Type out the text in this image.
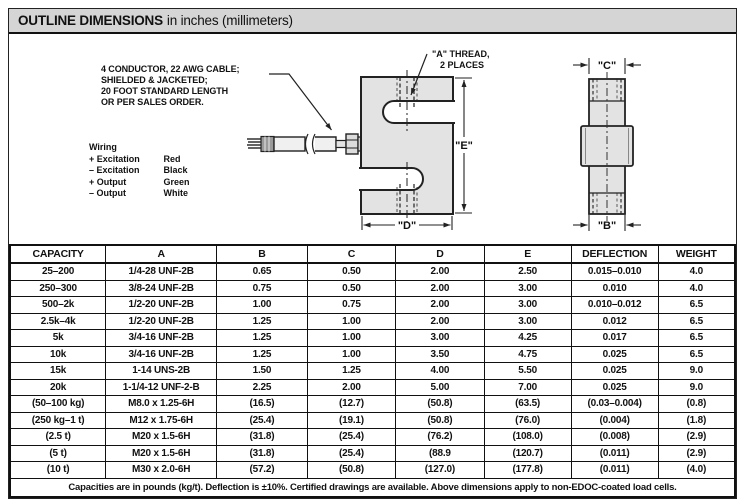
OUTLINE DIMENSIONS in inches (millimeters)
"E"
"D"
"C"
"B"
"A" THREAD,
2 PLACES
4 CONDUCTOR, 22 AWG CABLE;
SHIELDED & JACKETED;
20 FOOT STANDARD LENGTH
OR PER SALES ORDER.
Wiring
+ Excitation	Red
– Excitation	Black
+ Output	Green
– Output	White
CAPACITY	A	B	C	D	E	DEFLECTION	WEIGHT
25–200	1/4-28 UNF-2B	0.65	0.50	2.00	2.50	0.015–0.010	4.0
250–300	3/8-24 UNF-2B	0.75	0.50	2.00	3.00	0.010	4.0
500–2k	1/2-20 UNF-2B	1.00	0.75	2.00	3.00	0.010–0.012	6.5
2.5k–4k	1/2-20 UNF-2B	1.25	1.00	2.00	3.00	0.012	6.5
5k	3/4-16 UNF-2B	1.25	1.00	3.00	4.25	0.017	6.5
10k	3/4-16 UNF-2B	1.25	1.00	3.50	4.75	0.025	6.5
15k	1-14 UNS-2B	1.50	1.25	4.00	5.50	0.025	9.0
20k	1-1/4-12 UNF-2-B	2.25	2.00	5.00	7.00	0.025	9.0
(50–100 kg)	M8.0 x 1.25-6H	(16.5)	(12.7)	(50.8)	(63.5)	(0.03–0.004)	(0.8)
(250 kg–1 t)	M12 x 1.75-6H	(25.4)	(19.1)	(50.8)	(76.0)	(0.004)	(1.8)
(2.5 t)	M20 x 1.5-6H	(31.8)	(25.4)	(76.2)	(108.0)	(0.008)	(2.9)
(5 t)	M20 x 1.5-6H	(31.8)	(25.4)	(88.9	(120.7)	(0.011)	(2.9)
(10 t)	M30 x 2.0-6H	(57.2)	(50.8)	(127.0)	(177.8)	(0.011)	(4.0)
Capacities are in pounds (kg/t). Deflection is ±10%. Certified drawings are available. Above dimensions apply to non-EDOC-coated load cells.							
